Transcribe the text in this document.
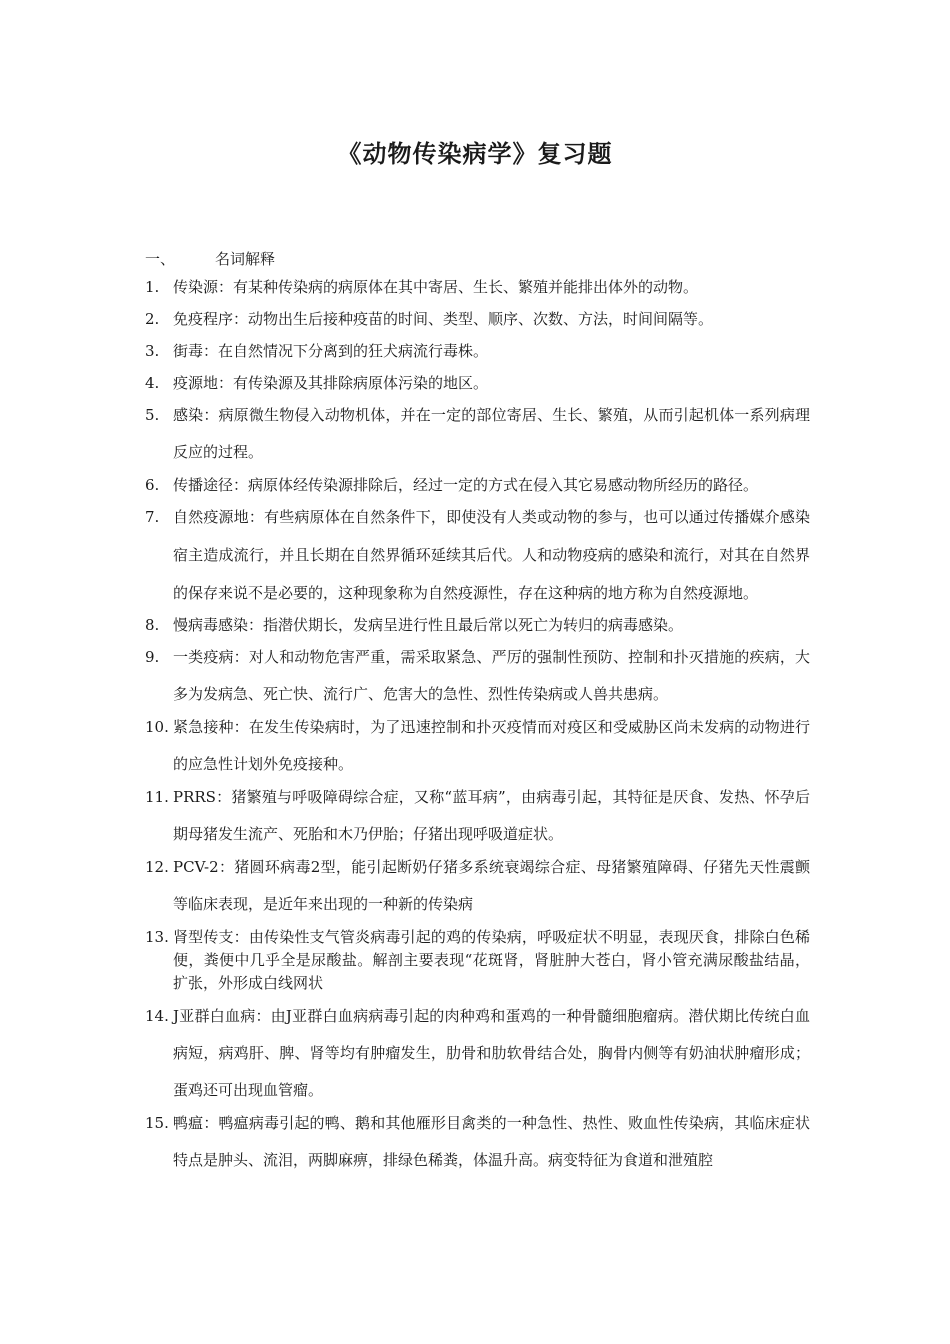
《动物传染病学》复习题
一、	名词解释
1. 传染源：有某种传染病的病原体在其中寄居、生长、繁殖并能排出体外的动物。
2. 免疫程序：动物出生后接种疫苗的时间、类型、顺序、次数、方法，时间间隔等。
3. 街毒：在自然情况下分离到的狂犬病流行毒株。
4. 疫源地：有传染源及其排除病原体污染的地区。
5. 感染：病原微生物侵入动物机体，并在一定的部位寄居、生长、繁殖，从而引起机体一系列病理反应的过程。
6. 传播途径：病原体经传染源排除后，经过一定的方式在侵入其它易感动物所经历的路径。
7. 自然疫源地：有些病原体在自然条件下，即使没有人类或动物的参与，也可以通过传播媒介感染宿主造成流行，并且长期在自然界循环延续其后代。人和动物疫病的感染和流行，对其在自然界的保存来说不是必要的，这种现象称为自然疫源性，存在这种病的地方称为自然疫源地。
8. 慢病毒感染：指潜伏期长，发病呈进行性且最后常以死亡为转归的病毒感染。
9. 一类疫病：对人和动物危害严重，需采取紧急、严厉的强制性预防、控制和扑灭措施的疾病，大多为发病急、死亡快、流行广、危害大的急性、烈性传染病或人兽共患病。
10. 紧急接种：在发生传染病时，为了迅速控制和扑灭疫情而对疫区和受威胁区尚未发病的动物进行的应急性计划外免疫接种。
11. PRRS：猪繁殖与呼吸障碍综合症，又称“蓝耳病”，由病毒引起，其特征是厌食、发热、怀孕后期母猪发生流产、死胎和木乃伊胎；仔猪出现呼吸道症状。
12. PCV-2：猪圆环病毒2型，能引起断奶仔猪多系统衰竭综合症、母猪繁殖障碍、仔猪先天性震颤等临床表现，是近年来出现的一种新的传染病
13. 肾型传支：由传染性支气管炎病毒引起的鸡的传染病，呼吸症状不明显，表现厌食，排除白色稀便，粪便中几乎全是尿酸盐。解剖主要表现“花斑肾，肾脏肿大苍白，肾小管充满尿酸盐结晶，扩张，外形成白线网状
14. J亚群白血病：由J亚群白血病病毒引起的肉种鸡和蛋鸡的一种骨髓细胞瘤病。潜伏期比传统白血病短，病鸡肝、脾、肾等均有肿瘤发生，肋骨和肋软骨结合处，胸骨内侧等有奶油状肿瘤形成；蛋鸡还可出现血管瘤。
15. 鸭瘟：鸭瘟病毒引起的鸭、鹅和其他雁形目禽类的一种急性、热性、败血性传染病，其临床症状特点是肿头、流泪，两脚麻痹，排绿色稀粪，体温升高。病变特征为食道和泄殖腔
